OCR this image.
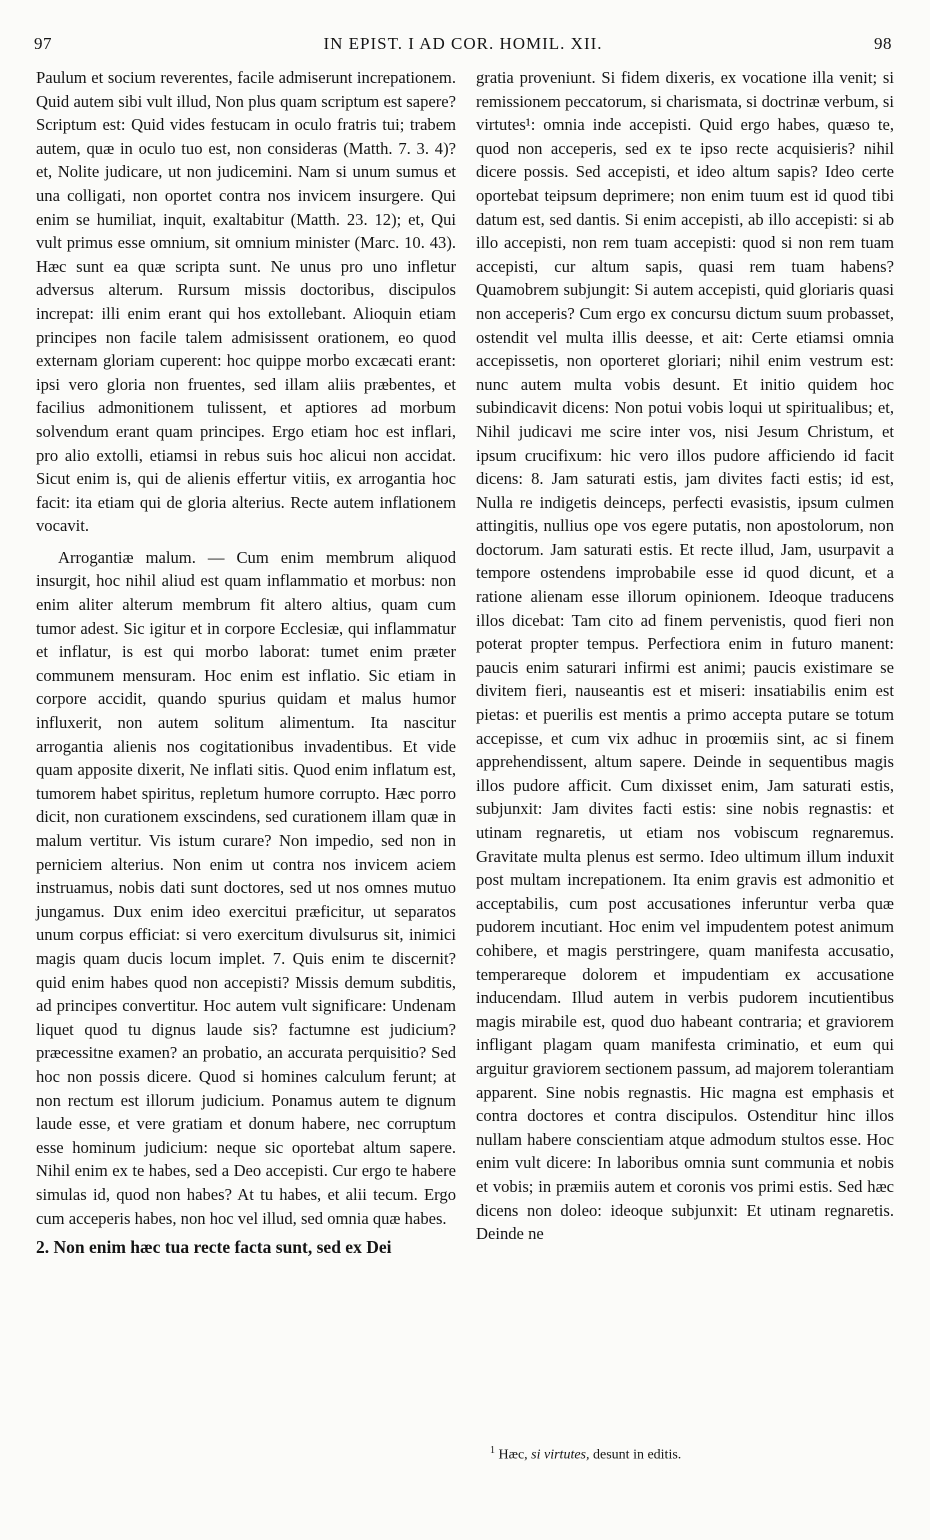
97	IN EPIST. I AD COR. HOMIL. XII.	98

Paulum et socium reverentes, facile admiserunt increpationem. Quid autem sibi vult illud, Non plus quam scriptum est sapere? Scriptum est: Quid vides festucam in oculo fratris tui; trabem autem, quæ in oculo tuo est, non consideras (Matth. 7. 3. 4)? et, Nolite judicare, ut non judicemini. Nam si unum sumus et una colligati, non oportet contra nos invicem insurgere. Qui enim se humiliat, inquit, exaltabitur (Matth. 23. 12); et, Qui vult primus esse omnium, sit omnium minister (Marc. 10. 43). Hæc sunt ea quæ scripta sunt. Ne unus pro uno infletur adversus alterum. Rursum missis doctoribus, discipulos increpat: illi enim erant qui hos extollebant. Alioquin etiam principes non facile talem admisissent orationem, eo quod externam gloriam cuperent: hoc quippe morbo excæcati erant: ipsi vero gloria non fruentes, sed illam aliis præbentes, et facilius admonitionem tulissent, et aptiores ad morbum solvendum erant quam principes. Ergo etiam hoc est inflari, pro alio extolli, etiamsi in rebus suis hoc alicui non accidat. Sicut enim is, qui de alienis effertur vitiis, ex arrogantia hoc facit: ita etiam qui de gloria alterius. Recte autem inflationem vocavit.

Arrogantiæ malum. — Cum enim membrum aliquod insurgit, hoc nihil aliud est quam inflammatio et morbus: non enim aliter alterum membrum fit altero altius, quam cum tumor adest. Sic igitur et in corpore Ecclesiæ, qui inflammatur et inflatur, is est qui morbo laborat: tumet enim præter communem mensuram. Hoc enim est inflatio. Sic etiam in corpore accidit, quando spurius quidam et malus humor influxerit, non autem solitum alimentum. Ita nascitur arrogantia alienis nos cogitationibus invadentibus. Et vide quam apposite dixerit, Ne inflati sitis. Quod enim inflatum est, tumorem habet spiritus, repletum humore corrupto. Hæc porro dicit, non curationem exscindens, sed curationem illam quæ in malum vertitur. Vis istum curare? Non impedio, sed non in perniciem alterius. Non enim ut contra nos invicem aciem instruamus, nobis dati sunt doctores, sed ut nos omnes mutuo jungamus. Dux enim ideo exercitui præficitur, ut separatos unum corpus efficiat: si vero exercitum divulsurus sit, inimici magis quam ducis locum implet. 7. Quis enim te discernit? quid enim habes quod non accepisti? Missis demum subditis, ad principes convertitur. Hoc autem vult significare: Undenam liquet quod tu dignus laude sis? factumne est judicium? præcessitne examen? an probatio, an accurata perquisitio? Sed hoc non possis dicere. Quod si homines calculum ferunt; at non rectum est illorum judicium. Ponamus autem te dignum laude esse, et vere gratiam et donum habere, nec corruptum esse hominum judicium: neque sic oportebat altum sapere. Nihil enim ex te habes, sed a Deo accepisti. Cur ergo te habere simulas id, quod non habes? At tu habes, et alii tecum. Ergo cum acceperis habes, non hoc vel illud, sed omnia quæ habes.

2. Non enim hæc tua recte facta sunt, sed ex Dei

gratia proveniunt. Si fidem dixeris, ex vocatione illa venit; si remissionem peccatorum, si charismata, si doctrinæ verbum, si virtutes¹: omnia inde accepisti. Quid ergo habes, quæso te, quod non acceperis, sed ex te ipso recte acquisieris? nihil dicere possis. Sed accepisti, et ideo altum sapis? Ideo certe oportebat teipsum deprimere; non enim tuum est id quod tibi datum est, sed dantis. Si enim accepisti, ab illo accepisti: si ab illo accepisti, non rem tuam accepisti: quod si non rem tuam accepisti, cur altum sapis, quasi rem tuam habens? Quamobrem subjungit: Si autem accepisti, quid gloriaris quasi non acceperis? Cum ergo ex concursu dictum suum probasset, ostendit vel multa illis deesse, et ait: Certe etiamsi omnia accepissetis, non oporteret gloriari; nihil enim vestrum est: nunc autem multa vobis desunt. Et initio quidem hoc subindicavit dicens: Non potui vobis loqui ut spiritualibus; et, Nihil judicavi me scire inter vos, nisi Jesum Christum, et ipsum crucifixum: hic vero illos pudore afficiendo id facit dicens: 8. Jam saturati estis, jam divites facti estis; id est, Nulla re indigetis deinceps, perfecti evasistis, ipsum culmen attingitis, nullius ope vos egere putatis, non apostolorum, non doctorum. Jam saturati estis. Et recte illud, Jam, usurpavit a tempore ostendens improbabile esse id quod dicunt, et a ratione alienam esse illorum opinionem. Ideoque traducens illos dicebat: Tam cito ad finem pervenistis, quod fieri non poterat propter tempus. Perfectiora enim in futuro manent: paucis enim saturari infirmi est animi; paucis existimare se divitem fieri, nauseantis est et miseri: insatiabilis enim est pietas: et puerilis est mentis a primo accepta putare se totum accepisse, et cum vix adhuc in proœmiis sint, ac si finem apprehendissent, altum sapere. Deinde in sequentibus magis illos pudore afficit. Cum dixisset enim, Jam saturati estis, subjunxit: Jam divites facti estis: sine nobis regnastis: et utinam regnaretis, ut etiam nos vobiscum regnaremus. Gravitate multa plenus est sermo. Ideo ultimum illum induxit post multam increpationem. Ita enim gravis est admonitio et acceptabilis, cum post accusationes inferuntur verba quæ pudorem incutiant. Hoc enim vel impudentem potest animum cohibere, et magis perstringere, quam manifesta accusatio, temperareque dolorem et impudentiam ex accusatione inducendam. Illud autem in verbis pudorem incutientibus magis mirabile est, quod duo habeant contraria; et graviorem infligant plagam quam manifesta criminatio, et eum qui arguitur graviorem sectionem passum, ad majorem tolerantiam apparent. Sine nobis regnastis. Hic magna est emphasis et contra doctores et contra discipulos. Ostenditur hinc illos nullam habere conscientiam atque admodum stultos esse. Hoc enim vult dicere: In laboribus omnia sunt communia et nobis et vobis; in præmiis autem et coronis vos primi estis. Sed hæc dicens non doleo: ideoque subjunxit: Et utinam regnaretis. Deinde ne

$^1$ Hæc, si virtutes, desunt in editis.
